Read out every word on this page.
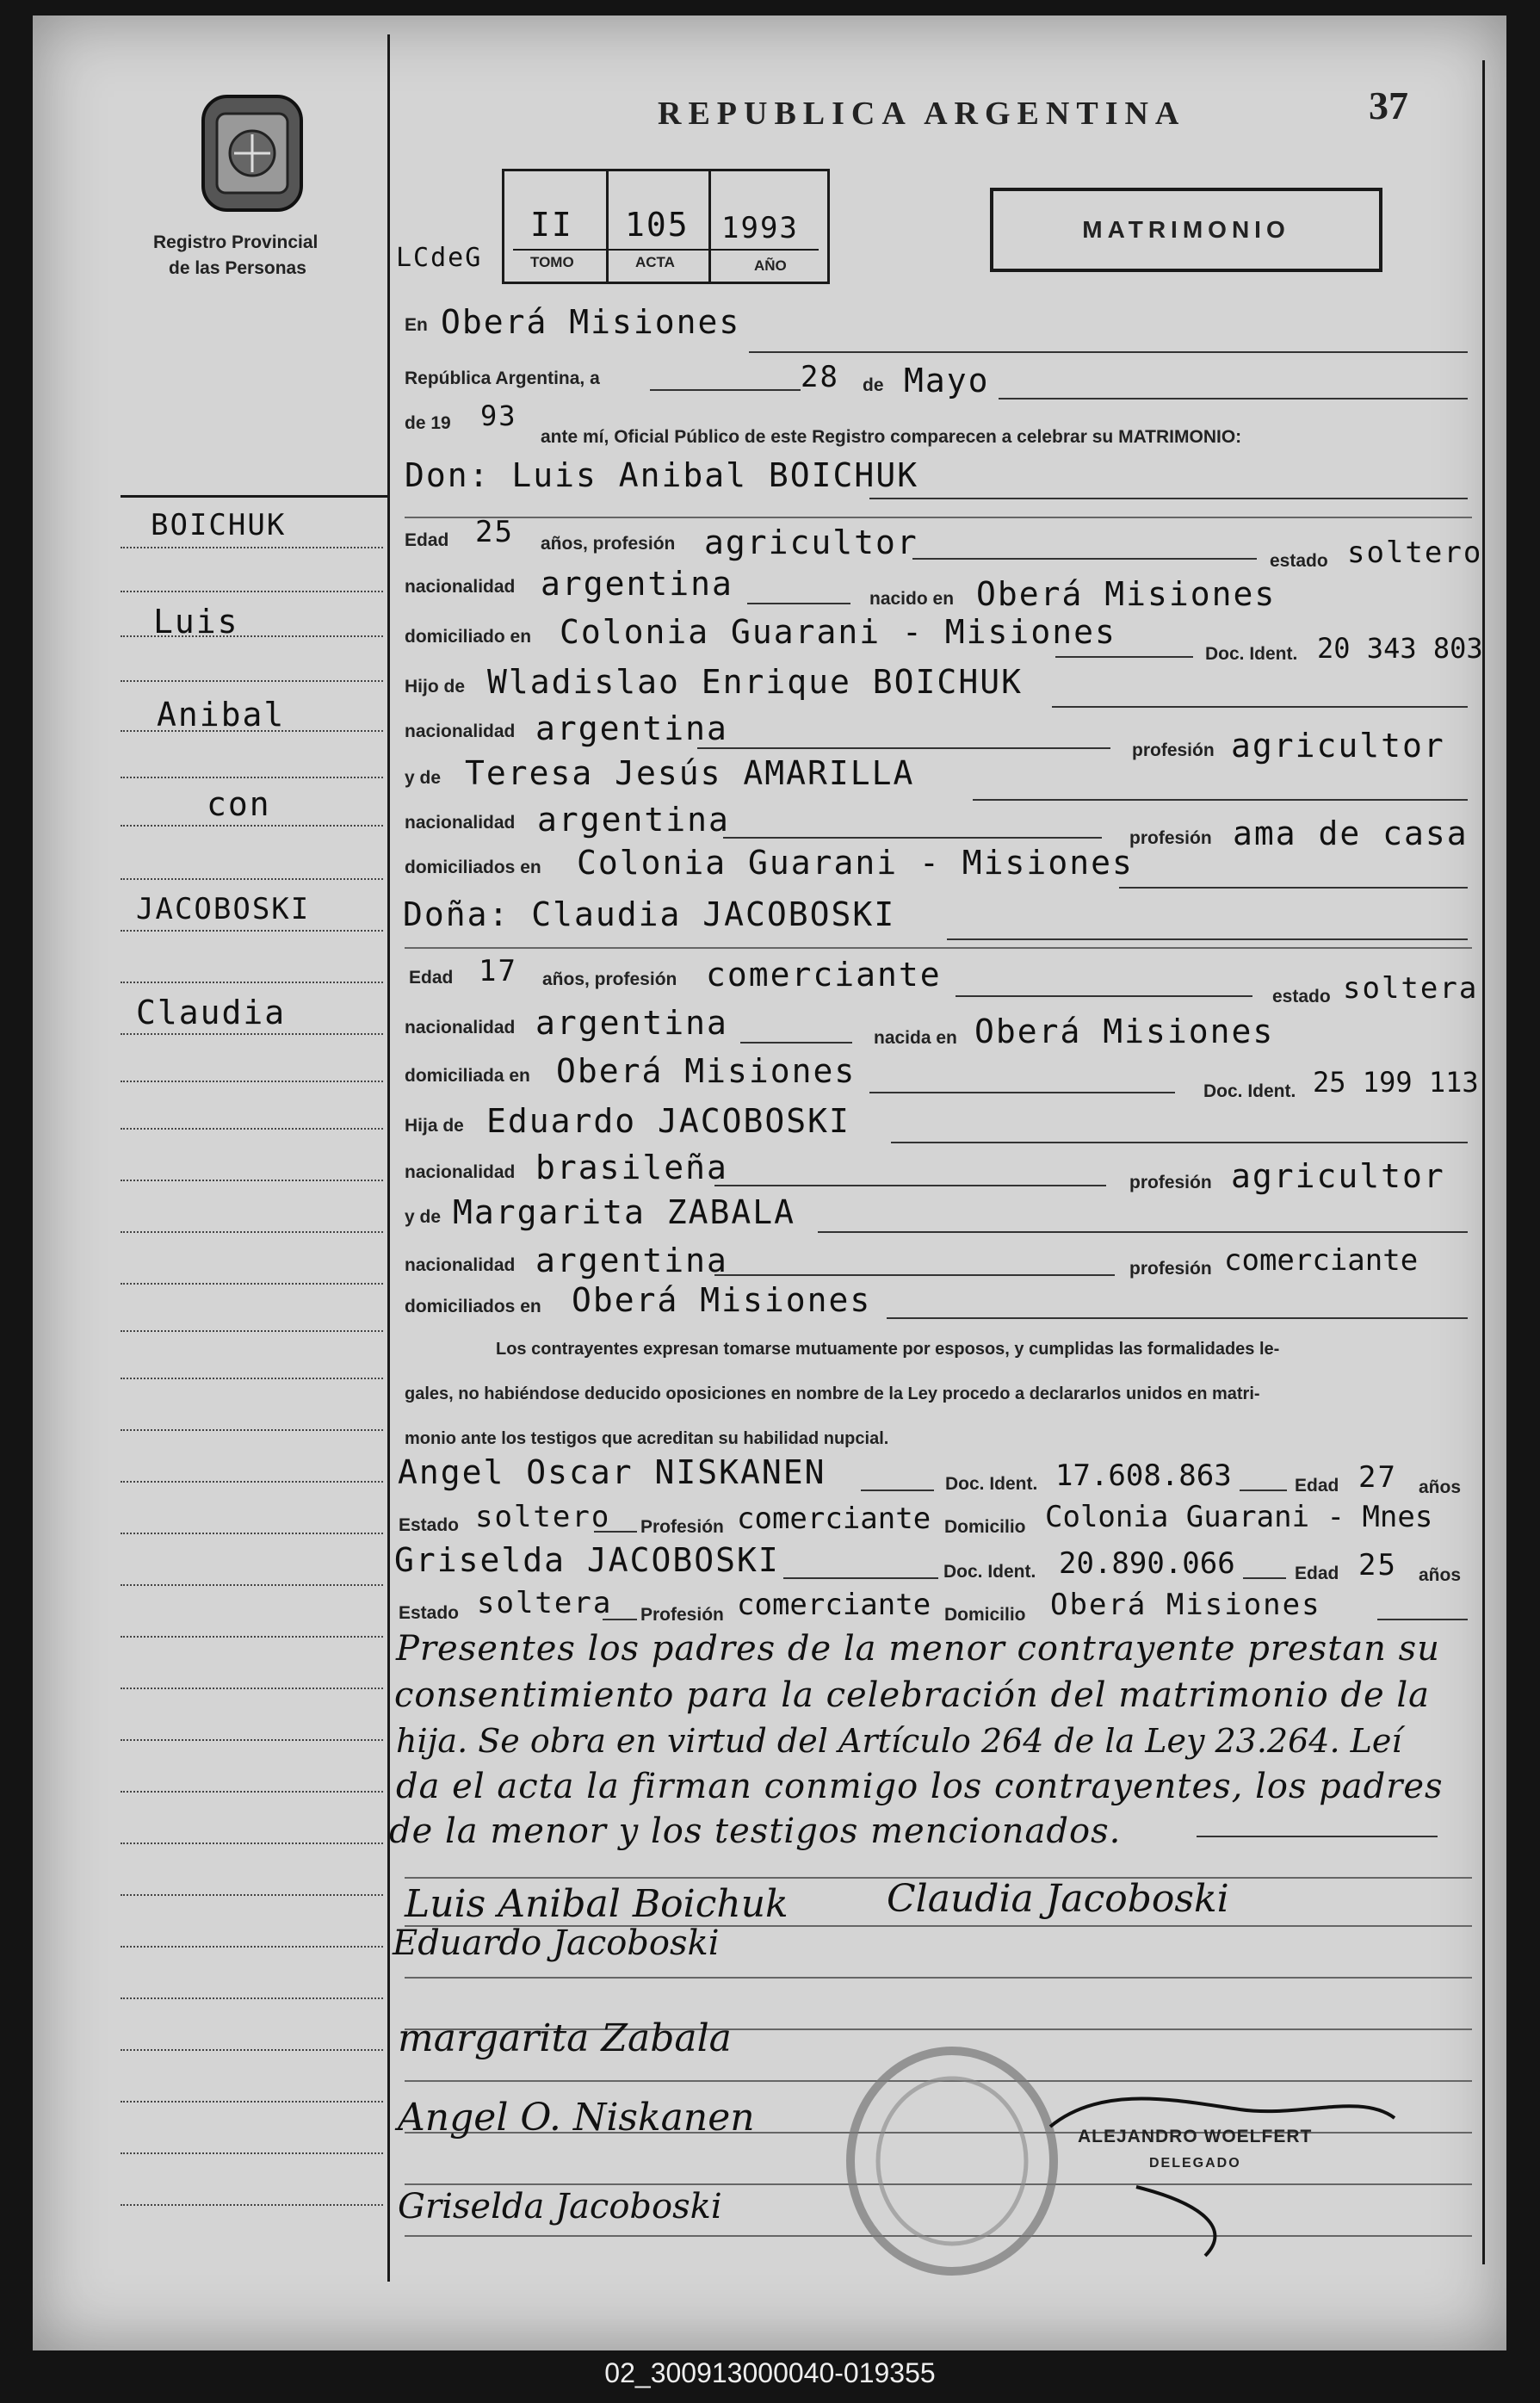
Registro Provincial
de las Personas
REPUBLICA ARGENTINA	37
LCdeG
II 105 1993
TOMO	ACTA	AÑO
MATRIMONIO
BOICHUK
Luis
Anibal
con
JACOBOSKI
Claudia
En Oberá Misiones
República Argentina, a	28 de Mayo
de 19 93
ante mí, Oficial Público de este Registro comparecen a celebrar su MATRIMONIO:
Don: Luis Anibal BOICHUK
Edad 25 años, profesión agricultor	estado soltero
nacionalidad argentina	nacido en Oberá Misiones
domiciliado en Colonia Guarani - Misiones
Doc. Ident. 20 343 803
Hijo de Wladislao Enrique BOICHUK
nacionalidad argentina
profesión agricultor
y de Teresa Jesús AMARILLA
nacionalidad argentina	profesión ama de casa
domiciliados en Colonia Guarani - Misiones
Doña: Claudia JACOBOSKI
Edad 17 años, profesión comerciante
estado soltera
nacionalidad argentina	nacida en Oberá Misiones
domiciliada en Oberá Misiones
Doc. Ident. 25 199 113
Hija de Eduardo JACOBOSKI
nacionalidad brasileña	profesión agricultor
y de Margarita ZABALA
nacionalidad argentina	profesión comerciante
domiciliados en Oberá Misiones
Los contrayentes expresan tomarse mutuamente por esposos, y cumplidas las formalidades le-
gales, no habiéndose deducido oposiciones en nombre de la Ley procedo a declararlos unidos en matri-
monio ante los testigos que acreditan su habilidad nupcial.
Angel Oscar NISKANEN	Doc. Ident. 17.608.863	Edad 27 años
Estado soltero Profesión comerciante Domicilio Colonia Guarani - Mnes
Griselda JACOBOSKI	Doc. Ident. 20.890.066	Edad 25 años
Estado soltera Profesión comerciante Domicilio Oberá Misiones
Presentes los padres de la menor contrayente prestan su
consentimiento para la celebración del matrimonio de la
hija. Se obra en virtud del Artículo 264 de la Ley 23.264. Leí
da el acta la firman conmigo los contrayentes, los padres
de la menor y los testigos mencionados.
Luis Anibal Boichuk	Claudia Jacoboski
Eduardo Jacoboski
margarita Zabala
Angel O. Niskanen
Griselda Jacoboski
ALEJANDRO WOELFERT
DELEGADO
02_300913000040-019355
